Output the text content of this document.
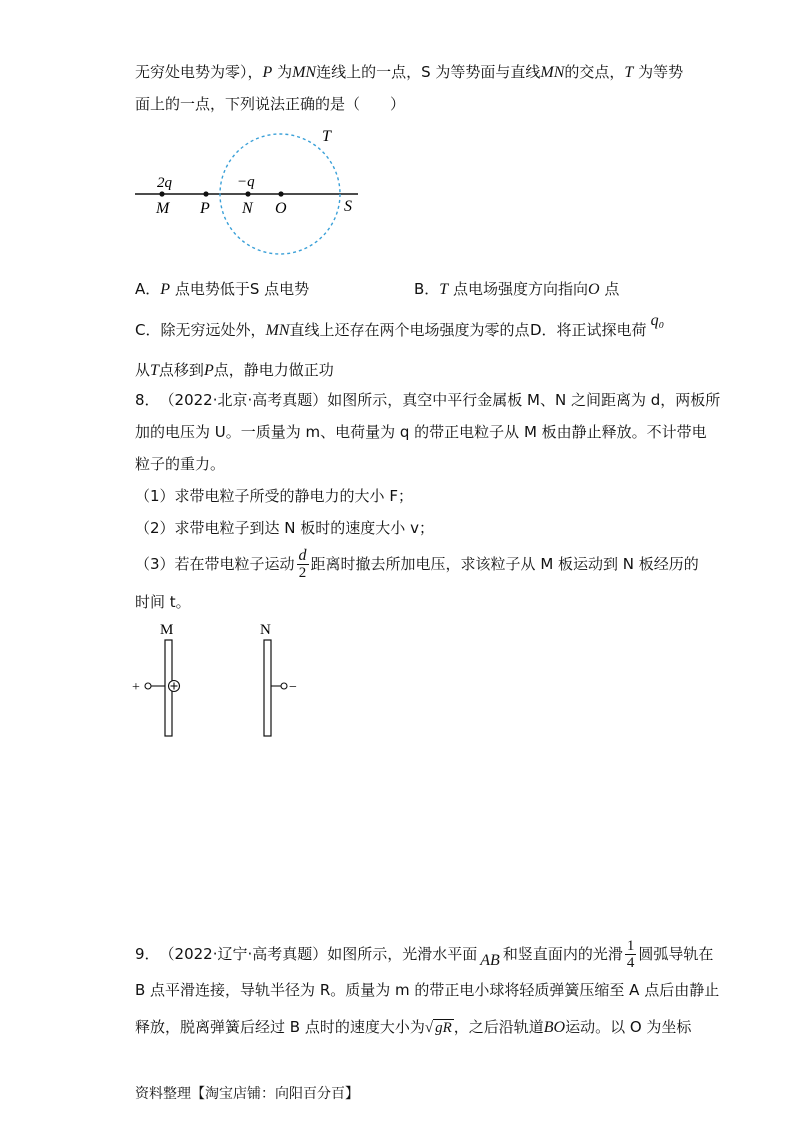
无穷处电势为零），P 为MN连线上的一点，S 为等势面与直线MN的交点，T 为等势
面上的一点，下列说法正确的是（　　）
T
2q	−q
M P N O	S
A．P 点电势低于S 点电势	B．T 点电场强度方向指向O 点
C．除无穷远处外，MN直线上还存在两个电场强度为零的点 D．将正试探电荷q₀
从T点移到P点，静电力做正功
8．　（2022·北京·高考真题）如图所示，真空中平行金属板 M、N 之间距离为 d，两板所
加的电压为 U。一质量为 m、电荷量为 q 的带正电粒子从 M 板由静止释放。不计带电
粒子的重力。
（1）求带电粒子所受的静电力的大小 F；
（2）求带电粒子到达 N 板时的速度大小 v；
（3）若在带电粒子运动 $\frac{d}{2}$ 距离时撤去所加电压，求该粒子从 M 板运动到 N 板经历的
时间 t。
M	N
+	−
9．　（2022·辽宁·高考真题）如图所示，光滑水平面 AB 和竖直面内的光滑 $\frac{1}{4}$ 圆弧导轨在
B 点平滑连接，导轨半径为 R。质量为 m 的带正电小球将轻质弹簧压缩至 A 点后由静止
释放，脱离弹簧后经过 B 点时的速度大小为√ gR ，之后沿轨道BO运动。以 O 为坐标
资料整理【淘宝店铺：向阳百分百】
